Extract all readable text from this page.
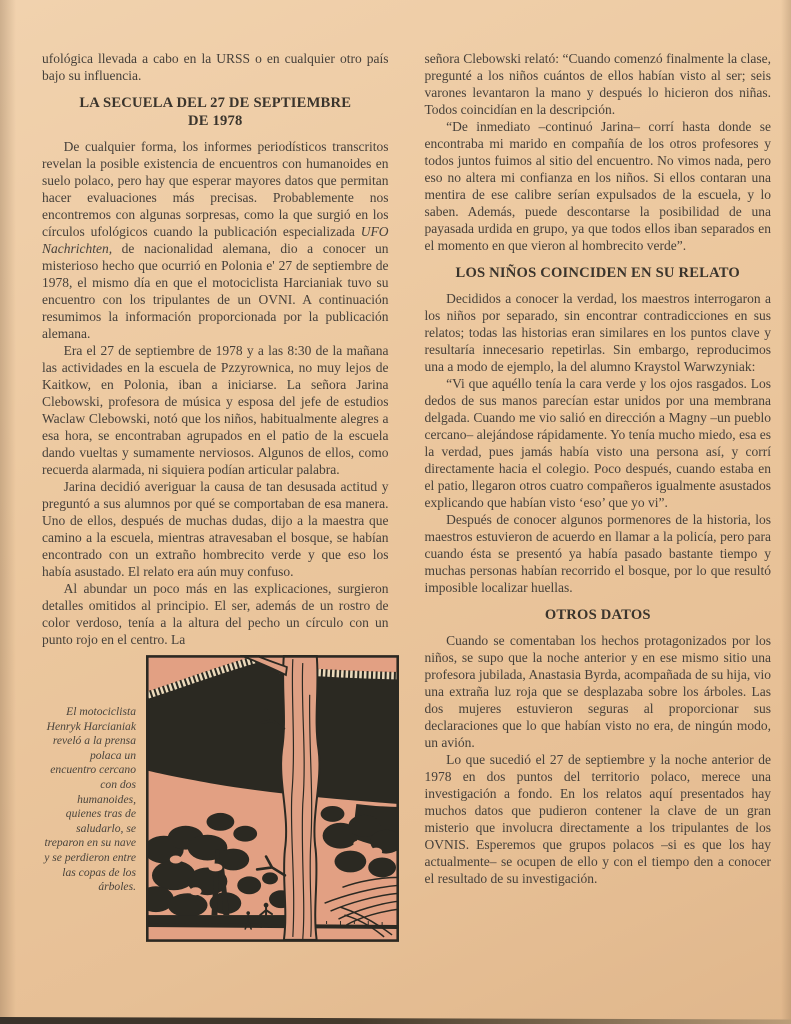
ufológica llevada a cabo en la URSS o en cualquier otro país bajo su influencia.

LA SECUELA DEL 27 DE SEPTIEMBRE
DE 1978

De cualquier forma, los informes periodísticos transcritos revelan la posible existencia de encuentros con humanoides en suelo polaco, pero hay que esperar mayores datos que permitan hacer evaluaciones más precisas. Probablemente nos encontremos con algunas sorpresas, como la que surgió en los círculos ufológicos cuando la publicación especializada UFO Nachrichten, de nacionalidad alemana, dio a conocer un misterioso hecho que ocurrió en Polonia e' 27 de septiembre de 1978, el mismo día en que el motociclista Harcianiak tuvo su encuentro con los tripulantes de un OVNI. A continuación resumimos la información proporcionada por la publicación alemana.

Era el 27 de septiembre de 1978 y a las 8:30 de la mañana las actividades en la escuela de Pzzyrownica, no muy lejos de Kaitkow, en Polonia, iban a iniciarse. La señora Jarina Clebowski, profesora de música y esposa del jefe de estudios Waclaw Clebowski, notó que los niños, habitualmente alegres a esa hora, se encontraban agrupados en el patio de la escuela dando vueltas y sumamente nerviosos. Algunos de ellos, como recuerda alarmada, ni siquiera podían articular palabra.

Jarina decidió averiguar la causa de tan desusada actitud y preguntó a sus alumnos por qué se comportaban de esa manera. Uno de ellos, después de muchas dudas, dijo a la maestra que camino a la escuela, mientras atravesaban el bosque, se habían encontrado con un extraño hombrecito verde y que eso los había asustado. El relato era aún muy confuso.

Al abundar un poco más en las explicaciones, surgieron detalles omitidos al principio. El ser, además de un rostro de color verdoso, tenía a la altura del pecho un círculo con un punto rojo en el centro. La

El motociclista Henryk Harcianiak reveló a la prensa polaca un encuentro cercano con dos humanoides, quienes tras de saludarlo, se treparon en su nave y se perdieron entre las copas de los árboles.

señora Clebowski relató: “Cuando comenzó finalmente la clase, pregunté a los niños cuántos de ellos habían visto al ser; seis varones levantaron la mano y después lo hicieron dos niñas. Todos coincidían en la descripción.

“De inmediato –continuó Jarina– corrí hasta donde se encontraba mi marido en compañía de los otros profesores y todos juntos fuimos al sitio del encuentro. No vimos nada, pero eso no altera mi confianza en los niños. Si ellos contaran una mentira de ese calibre serían expulsados de la escuela, y lo saben. Además, puede descontarse la posibilidad de una payasada urdida en grupo, ya que todos ellos iban separados en el momento en que vieron al hombrecito verde”.

LOS NIÑOS COINCIDEN EN SU RELATO

Decididos a conocer la verdad, los maestros interrogaron a los niños por separado, sin encontrar contradicciones en sus relatos; todas las historias eran similares en los puntos clave y resultaría innecesario repetirlas. Sin embargo, reproducimos una a modo de ejemplo, la del alumno Kraystol Warwzyniak:

“Vi que aquéllo tenía la cara verde y los ojos rasgados. Los dedos de sus manos parecían estar unidos por una membrana delgada. Cuando me vio salió en dirección a Magny –un pueblo cercano– alejándose rápidamente. Yo tenía mucho miedo, esa es la verdad, pues jamás había visto una persona así, y corrí directamente hacia el colegio. Poco después, cuando estaba en el patio, llegaron otros cuatro compañeros igualmente asustados explicando que habían visto ‘eso’ que yo vi”.

Después de conocer algunos pormenores de la historia, los maestros estuvieron de acuerdo en llamar a la policía, pero para cuando ésta se presentó ya había pasado bastante tiempo y muchas personas habían recorrido el bosque, por lo que resultó imposible localizar huellas.

OTROS DATOS

Cuando se comentaban los hechos protagonizados por los niños, se supo que la noche anterior y en ese mismo sitio una profesora jubilada, Anastasia Byrda, acompañada de su hija, vio una extraña luz roja que se desplazaba sobre los árboles. Las dos mujeres estuvieron seguras al proporcionar sus declaraciones que lo que habían visto no era, de ningún modo, un avión.

Lo que sucedió el 27 de septiembre y la noche anterior de 1978 en dos puntos del territorio polaco, merece una investigación a fondo. En los relatos aquí presentados hay muchos datos que pudieron contener la clave de un gran misterio que involucra directamente a los tripulantes de los OVNIS. Esperemos que grupos polacos –si es que los hay actualmente– se ocupen de ello y con el tiempo den a conocer el resultado de su investigación.
